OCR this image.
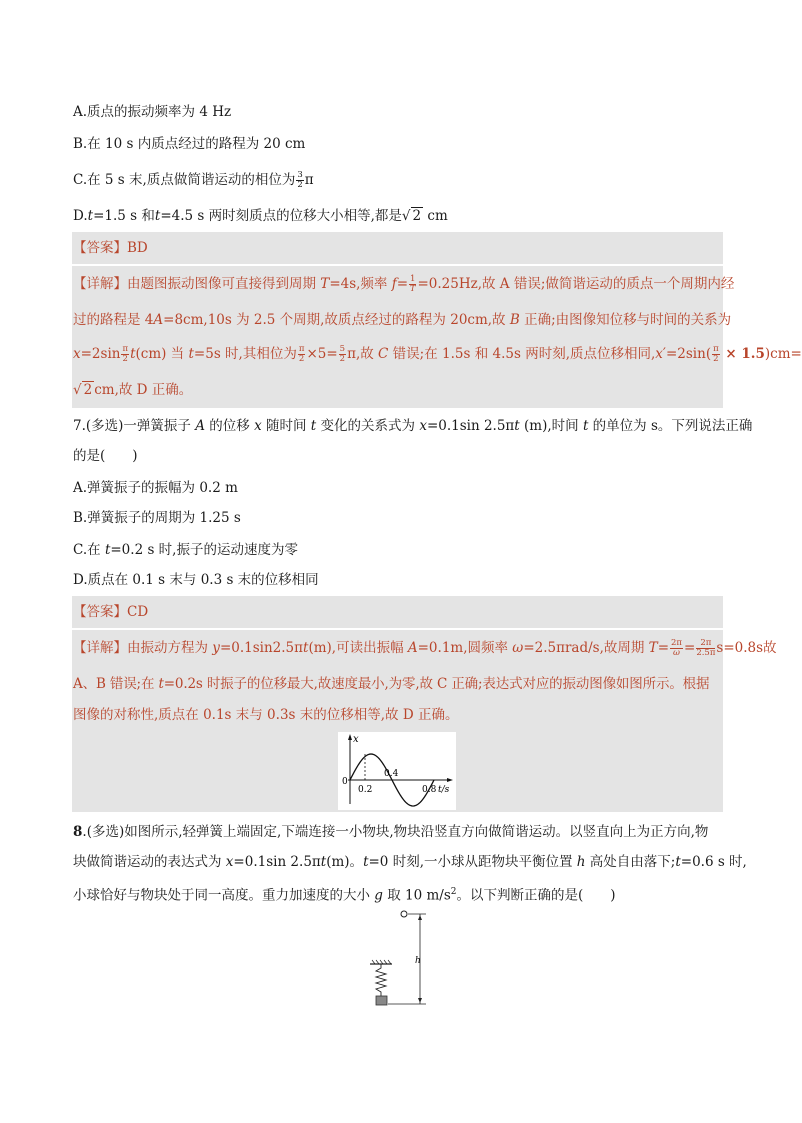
A.质点的振动频率为 4 Hz
B.在 10 s 内质点经过的路程为 20 cm
C.在 5 s 末,质点做简谐运动的相位为 $\frac{3}{2}$ π
D.t=1.5 s 和t=4.5 s 两时刻质点的位移大小相等,都是√ 2 cm
【答案】BD
【详解】由题图振动图像可直接得到周期 T=4s,频率 $f= \frac{1}{T}=0.25Hz$,故 A 错误;做简谐运动的质点一个周期内经
过的路程是 4A=8cm,10s 为 2.5 个周期,故质点经过的路程为 20cm,故 B 正确;由图像知位移与时间的关系为
$x=2\sin \frac{\pi}{2} t(cm)$ 当 t=5s 时,其相位为 $\frac{\pi}{2} \times 5= \frac{5}{2} \pi$,故 C 错误;在 1.5s 和 4.5s 两时刻,质点位移相同$,x'=2\sin( \frac{\pi}{2} \times 1.5)cm=$
√ 2 cm,故 D 正确。
7.(多选)一弹簧振子 A 的位移 x 随时间 t 变化的关系式为 x=0.1sin 2.5πt (m),时间 t 的单位为 s。下列说法正确
的是(　　)
A.弹簧振子的振幅为 0.2 m
B.弹簧振子的周期为 1.25 s
C.在 t=0.2 s 时,振子的运动速度为零
D.质点在 0.1 s 末与 0.3 s 末的位移相同
【答案】CD
【详解】由振动方程为 y=0.1sin2.5πt(m),可读出振幅 A=0.1m,圆频率 ω=2.5πrad/s,故周期 $T= \frac{2\pi}{\omega}= \frac{2\pi}{2.5\pi} s=0.8s$故
A、B 错误;在 t=0.2s 时振子的位移最大,故速度最小,为零,故 C 正确;表达式对应的振动图像如图所示。根据
图像的对称性,质点在 0.1s 末与 0.3s 末的位移相等,故 D 正确。
x
0
0.2
0.4
0.8 t/s
8.(多选)如图所示,轻弹簧上端固定,下端连接一小物块,物块沿竖直方向做简谐运动。以竖直向上为正方向,物
块做简谐运动的表达式为 x=0.1sin 2.5πt(m)。t=0 时刻,一小球从距物块平衡位置 h 高处自由落下;t=0.6 s 时,
小球恰好与物块处于同一高度。重力加速度的大小 g 取 10 $m/s^2$。以下判断正确的是(　　)
h
